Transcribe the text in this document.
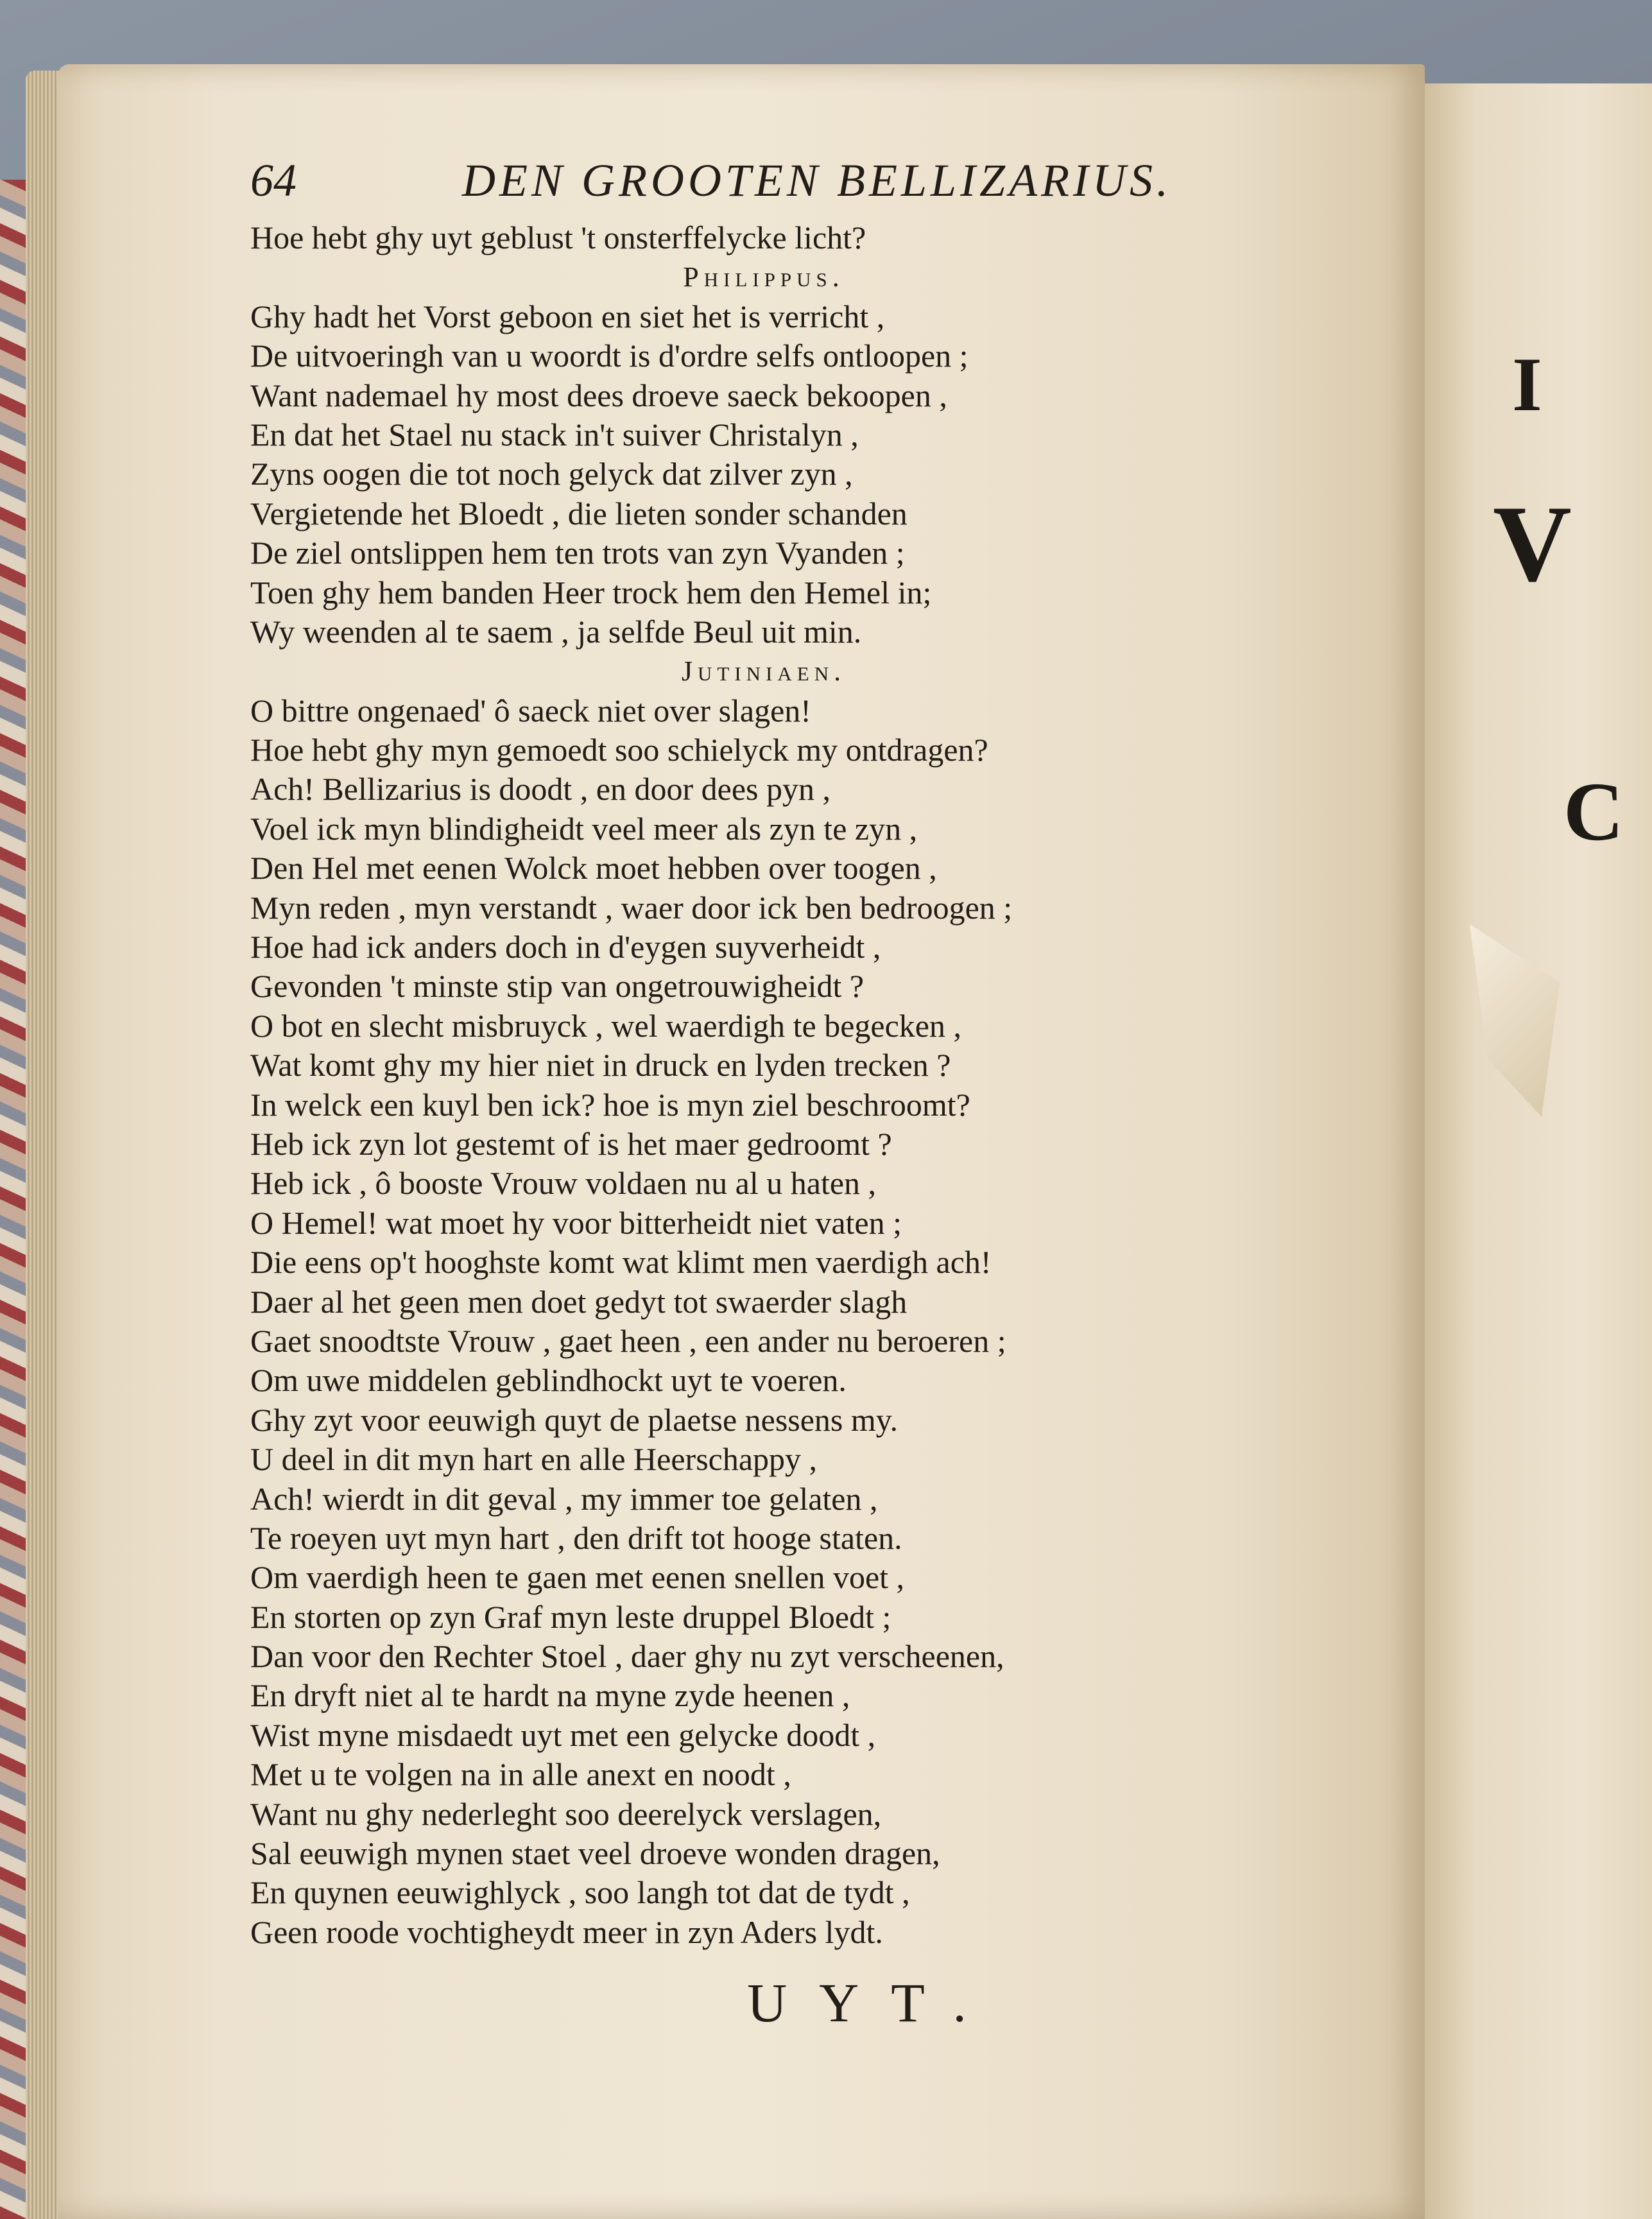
I
V
C
64	DEN GROOTEN BELLIZARIUS.
Hoe hebt ghy uyt geblust 't onsterffelycke licht?
Philippus.
Ghy hadt het Vorst geboon en siet het is verricht ,
De uitvoeringh van u woordt is d'ordre selfs ontloopen ;
Want nademael hy most dees droeve saeck bekoopen ,
En dat het Stael nu stack in't suiver Christalyn ,
Zyns oogen die tot noch gelyck dat zilver zyn ,
Vergietende het Bloedt , die lieten sonder schanden
De ziel ontslippen hem ten trots van zyn Vyanden ;
Toen ghy hem banden Heer trock hem den Hemel in;
Wy weenden al te saem , ja selfde Beul uit min.
Jutiniaen.
O bittre ongenaed' ô saeck niet over slagen!
Hoe hebt ghy myn gemoedt soo schielyck my ontdragen?
Ach! Bellizarius is doodt , en door dees pyn ,
Voel ick myn blindigheidt veel meer als zyn te zyn ,
Den Hel met eenen Wolck moet hebben over toogen ,
Myn reden , myn verstandt , waer door ick ben bedroogen ;
Hoe had ick anders doch in d'eygen suyverheidt ,
Gevonden 't minste stip van ongetrouwigheidt ?
O bot en slecht misbruyck , wel waerdigh te begecken ,
Wat komt ghy my hier niet in druck en lyden trecken ?
In welck een kuyl ben ick? hoe is myn ziel beschroomt?
Heb ick zyn lot gestemt of is het maer gedroomt ?
Heb ick , ô booste Vrouw voldaen nu al u haten ,
O Hemel! wat moet hy voor bitterheidt niet vaten ;
Die eens op't hooghste komt wat klimt men vaerdigh ach!
Daer al het geen men doet gedyt tot swaerder slagh
Gaet snoodtste Vrouw , gaet heen , een ander nu beroeren ;
Om uwe middelen geblindhockt uyt te voeren.
Ghy zyt voor eeuwigh quyt de plaetse nessens my.
U deel in dit myn hart en alle Heerschappy ,
Ach! wierdt in dit geval , my immer toe gelaten ,
Te roeyen uyt myn hart , den drift tot hooge staten.
Om vaerdigh heen te gaen met eenen snellen voet ,
En storten op zyn Graf myn leste druppel Bloedt ;
Dan voor den Rechter Stoel , daer ghy nu zyt verscheenen,
En dryft niet al te hardt na myne zyde heenen ,
Wist myne misdaedt uyt met een gelycke doodt ,
Met u te volgen na in alle anext en noodt ,
Want nu ghy nederleght soo deerelyck verslagen,
Sal eeuwigh mynen staet veel droeve wonden dragen,
En quynen eeuwighlyck , soo langh tot dat de tydt ,
Geen roode vochtigheydt meer in zyn Aders lydt.
UYT.
